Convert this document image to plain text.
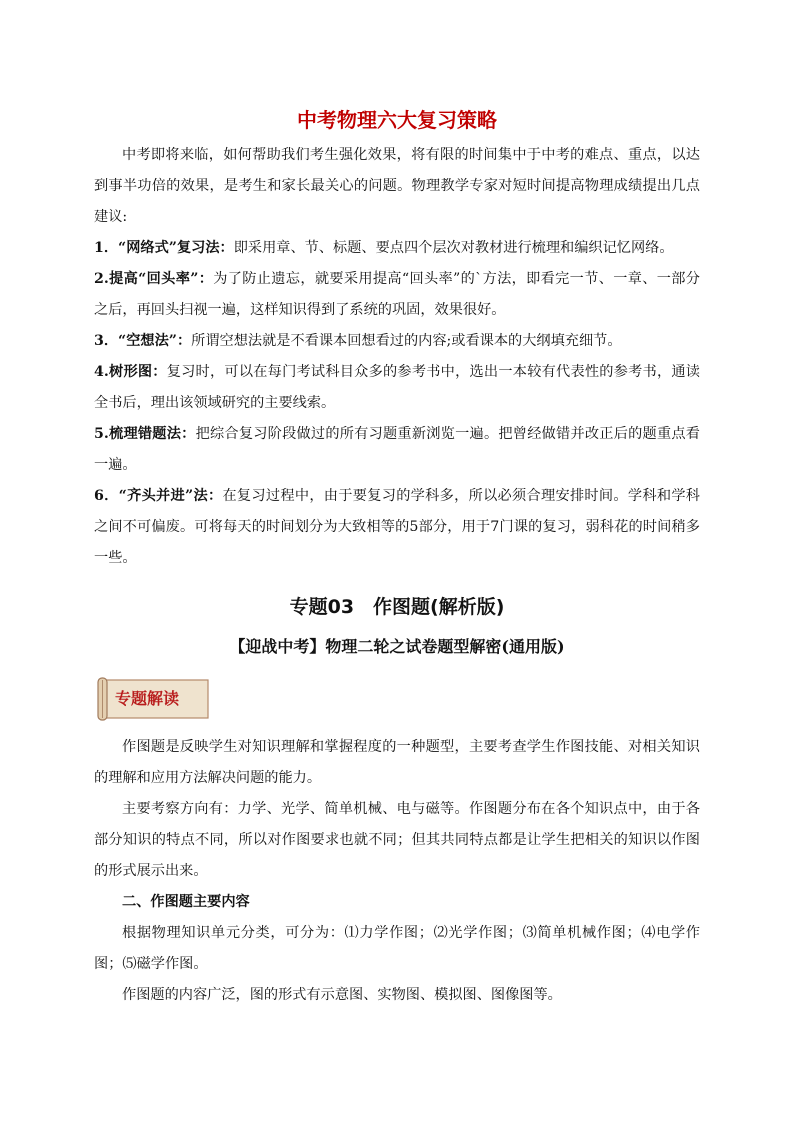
中考物理六大复习策略

中考即将来临，如何帮助我们考生强化效果，将有限的时间集中于中考的难点、重点，以达到事半功倍的效果，是考生和家长最关心的问题。物理教学专家对短时间提高物理成绩提出几点建议:

1．“网络式”复习法：即采用章、节、标题、要点四个层次对教材进行梳理和编织记忆网络。

2.提高“回头率”：为了防止遗忘，就要采用提高“回头率”的`方法，即看完一节、一章、一部分之后，再回头扫视一遍，这样知识得到了系统的巩固，效果很好。

3．“空想法”：所谓空想法就是不看课本回想看过的内容;或看课本的大纲填充细节。

4.树形图：复习时，可以在每门考试科目众多的参考书中，选出一本较有代表性的参考书，通读全书后，理出该领域研究的主要线索。

5.梳理错题法：把综合复习阶段做过的所有习题重新浏览一遍。把曾经做错并改正后的题重点看一遍。

6．“齐头并进”法：在复习过程中，由于要复习的学科多，所以必须合理安排时间。学科和学科之间不可偏废。可将每天的时间划分为大致相等的5部分，用于7门课的复习，弱科花的时间稍多一些。

专题03　作图题(解析版)
【迎战中考】物理二轮之试卷题型解密(通用版)
专题解读

作图题是反映学生对知识理解和掌握程度的一种题型，主要考查学生作图技能、对相关知识的理解和应用方法解决问题的能力。

主要考察方向有：力学、光学、简单机械、电与磁等。作图题分布在各个知识点中，由于各部分知识的特点不同，所以对作图要求也就不同；但其共同特点都是让学生把相关的知识以作图的形式展示出来。

二、作图题主要内容

根据物理知识单元分类，可分为：⑴力学作图；⑵光学作图；⑶简单机械作图；⑷电学作图；⑸磁学作图。

作图题的内容广泛，图的形式有示意图、实物图、模拟图、图像图等。
